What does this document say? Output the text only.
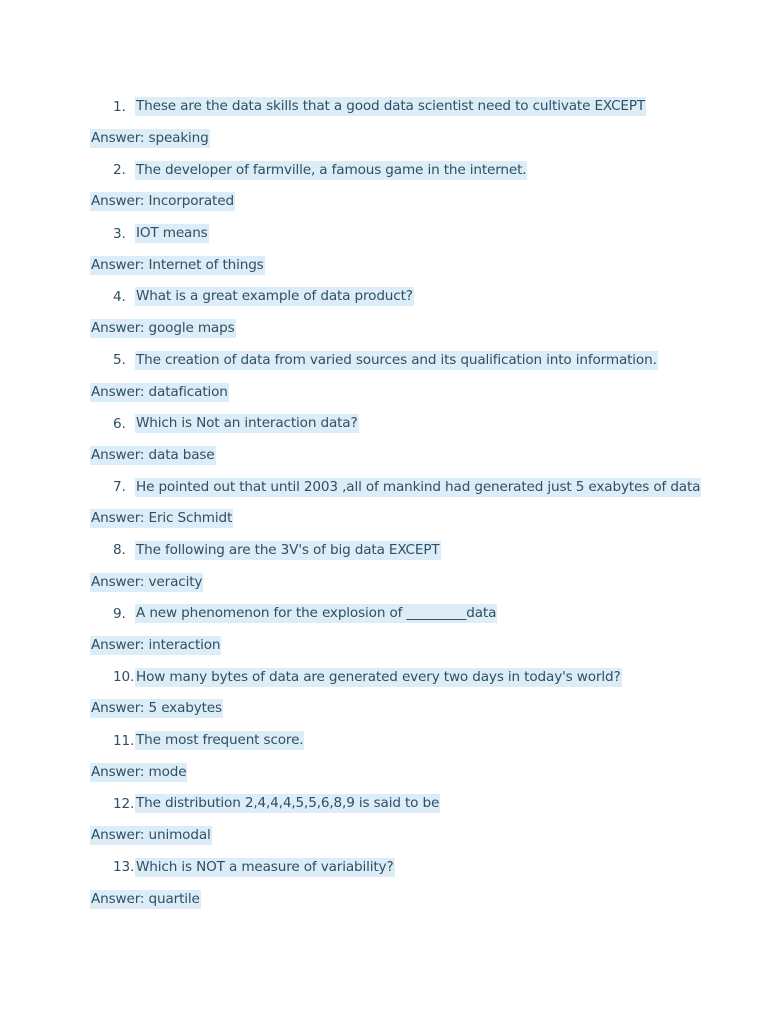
1. These are the data skills that a good data scientist need to cultivate EXCEPT
Answer: speaking
2. The developer of farmville, a famous game in the internet.
Answer: Incorporated
3. IOT means
Answer: Internet of things
4. What is a great example of data product?
Answer: google maps
5. The creation of data from varied sources and its qualification into information.
Answer: datafication
6. Which is Not an interaction data?
Answer: data base
7. He pointed out that until 2003 ,all of mankind had generated just 5 exabytes of data
Answer: Eric Schmidt
8. The following are the 3V's of big data EXCEPT
Answer: veracity
9. A new phenomenon for the explosion of _________data
Answer: interaction
10. How many bytes of data are generated every two days in today's world?
Answer: 5 exabytes
11. The most frequent score.
Answer: mode
12. The distribution 2,4,4,4,5,5,6,8,9 is said to be
Answer: unimodal
13. Which is NOT a measure of variability?
Answer: quartile
